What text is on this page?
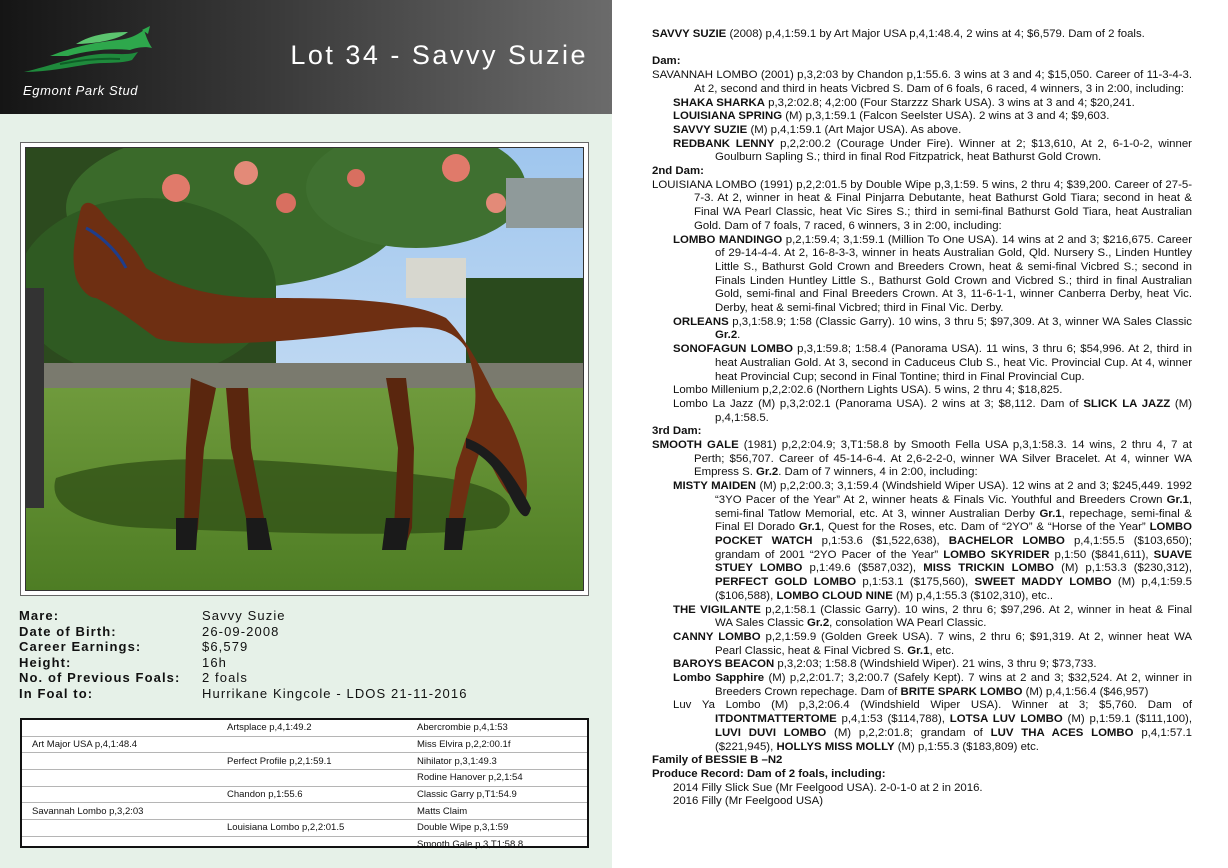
Egmont Park Stud
Lot 34 - Savvy Suzie
Mare:	Savvy Suzie
Date of Birth:	26-09-2008
Career Earnings:	$6,579
Height:	16h
No. of Previous Foals:	2 foals
In Foal to:	Hurrikane Kingcole - LDOS 21-11-2016
	Artsplace p,4,1:49.2	Abercrombie p,4,1:53
Art Major USA p,4,1:48.4		Miss Elvira p,2,2:00.1f
	Perfect Profile p,2,1:59.1	Nihilator p,3,1:49.3
		Rodine Hanover p,2,1:54
	Chandon p,1:55.6	Classic Garry p,T1:54.9
Savannah Lombo p,3,2:03		Matts Claim
	Louisiana Lombo p,2,2:01.5	Double Wipe p,3,1:59
		Smooth Gale p,3,T1:58.8

SAVVY SUZIE (2008) p,4,1:59.1 by Art Major USA p,4,1:48.4, 2 wins at 4; $6,579. Dam of 2 foals.

Dam:

SAVANNAH LOMBO (2001) p,3,2:03 by Chandon p,1:55.6. 3 wins at 3 and 4; $15,050. Career of 11-3-4-3. At 2, second and third in heats Vicbred S. Dam of 6 foals, 6 raced, 4 winners, 3 in 2:00, including:

SHAKA SHARKA p,3,2:02.8; 4,2:00 (Four Starzzz Shark USA). 3 wins at 3 and 4; $20,241.

LOUISIANA SPRING (M) p,3,1:59.1 (Falcon Seelster USA). 2 wins at 3 and 4; $9,603.

SAVVY SUZIE (M) p,4,1:59.1 (Art Major USA). As above.

REDBANK LENNY p,2,2:00.2 (Courage Under Fire). Winner at 2; $13,610, At 2, 6-1-0-2, winner Goulburn Sapling S.; third in final Rod Fitzpatrick, heat Bathurst Gold Crown.

2nd Dam:

LOUISIANA LOMBO (1991) p,2,2:01.5 by Double Wipe p,3,1:59. 5 wins, 2 thru 4; $39,200. Career of 27-5-7-3. At 2, winner in heat & Final Pinjarra Debutante, heat Bathurst Gold Tiara; second in heat & Final WA Pearl Classic, heat Vic Sires S.; third in semi-final Bathurst Gold Tiara, heat Australian Gold. Dam of 7 foals, 7 raced, 6 winners, 3 in 2:00, including:

LOMBO MANDINGO p,2,1:59.4; 3,1:59.1 (Million To One USA). 14 wins at 2 and 3; $216,675. Career of 29-14-4-4. At 2, 16-8-3-3, winner in heats Australian Gold, Qld. Nursery S., Linden Huntley Little S., Bathurst Gold Crown and Breeders Crown, heat & semi-final Vicbred S.; second in Finals Linden Huntley Little S., Bathurst Gold Crown and Vicbred S.; third in final Australian Gold, semi-final and Final Breeders Crown. At 3, 11-6-1-1, winner Canberra Derby, heat Vic. Derby, heat & semi-final Vicbred; third in Final Vic. Derby.

ORLEANS p,3,1:58.9; 1:58 (Classic Garry). 10 wins, 3 thru 5; $97,309. At 3, winner WA Sales Classic Gr.2.

SONOFAGUN LOMBO p,3,1:59.8; 1:58.4 (Panorama USA). 11 wins, 3 thru 6; $54,996. At 2, third in heat Australian Gold. At 3, second in Caduceus Club S., heat Vic. Provincial Cup. At 4, winner heat Provincial Cup; second in Final Tontine; third in Final Provincial Cup.

Lombo Millenium p,2,2:02.6 (Northern Lights USA). 5 wins, 2 thru 4; $18,825.

Lombo La Jazz (M) p,3,2:02.1 (Panorama USA). 2 wins at 3; $8,112. Dam of SLICK LA JAZZ (M) p,4,1:58.5.

3rd Dam:

SMOOTH GALE (1981) p,2,2:04.9; 3,T1:58.8 by Smooth Fella USA p,3,1:58.3. 14 wins, 2 thru 4, 7 at Perth; $56,707. Career of 45-14-6-4. At 2,6-2-2-0, winner WA Silver Bracelet. At 4, winner WA Empress S. Gr.2. Dam of 7 winners, 4 in 2:00, including:

MISTY MAIDEN (M) p,2,2:00.3; 3,1:59.4 (Windshield Wiper USA). 12 wins at 2 and 3; $245,449. 1992 “3YO Pacer of the Year” At 2, winner heats & Finals Vic. Youthful and Breeders Crown Gr.1, semi-final Tatlow Memorial, etc. At 3, winner Australian Derby Gr.1, repechage, semi-final & Final El Dorado Gr.1, Quest for the Roses, etc. Dam of “2YO” & “Horse of the Year” LOMBO POCKET WATCH p,1:53.6 ($1,522,638), BACHELOR LOMBO p,4,1:55.5 ($103,650); grandam of 2001 “2YO Pacer of the Year” LOMBO SKYRIDER p,1:50 ($841,611), SUAVE STUEY LOMBO p,1:49.6 ($587,032), MISS TRICKIN LOMBO (M) p,1:53.3 ($230,312), PERFECT GOLD LOMBO p,1:53.1 ($175,560), SWEET MADDY LOMBO (M) p,4,1:59.5 ($106,588), LOMBO CLOUD NINE (M) p,4,1:55.3 ($102,310), etc..

THE VIGILANTE p,2,1:58.1 (Classic Garry). 10 wins, 2 thru 6; $97,296. At 2, winner in heat & Final WA Sales Classic Gr.2, consolation WA Pearl Classic.

CANNY LOMBO p,2,1:59.9 (Golden Greek USA). 7 wins, 2 thru 6; $91,319. At 2, winner heat WA Pearl Classic, heat & Final Vicbred S. Gr.1, etc.

BAROYS BEACON p,3,2:03; 1:58.8 (Windshield Wiper). 21 wins, 3 thru 9; $73,733.

Lombo Sapphire (M) p,2,2:01.7; 3,2:00.7 (Safely Kept). 7 wins at 2 and 3; $32,524. At 2, winner in Breeders Crown repechage. Dam of BRITE SPARK LOMBO (M) p,4,1:56.4 ($46,957)

Luv Ya Lombo (M) p,3,2:06.4 (Windshield Wiper USA). Winner at 3; $5,760. Dam of ITDONTMATTERTOME p,4,1:53 ($114,788), LOTSA LUV LOMBO (M) p,1:59.1 ($111,100), LUVI DUVI LOMBO (M) p,2,2:01.8; grandam of LUV THA ACES LOMBO p,4,1:57.1 ($221,945), HOLLYS MISS MOLLY (M) p,1:55.3 ($183,809) etc.

Family of BESSIE B –N2

Produce Record: Dam of 2 foals, including:

2014 Filly Slick Sue (Mr Feelgood USA). 2-0-1-0 at 2 in 2016.

2016 Filly (Mr Feelgood USA)
